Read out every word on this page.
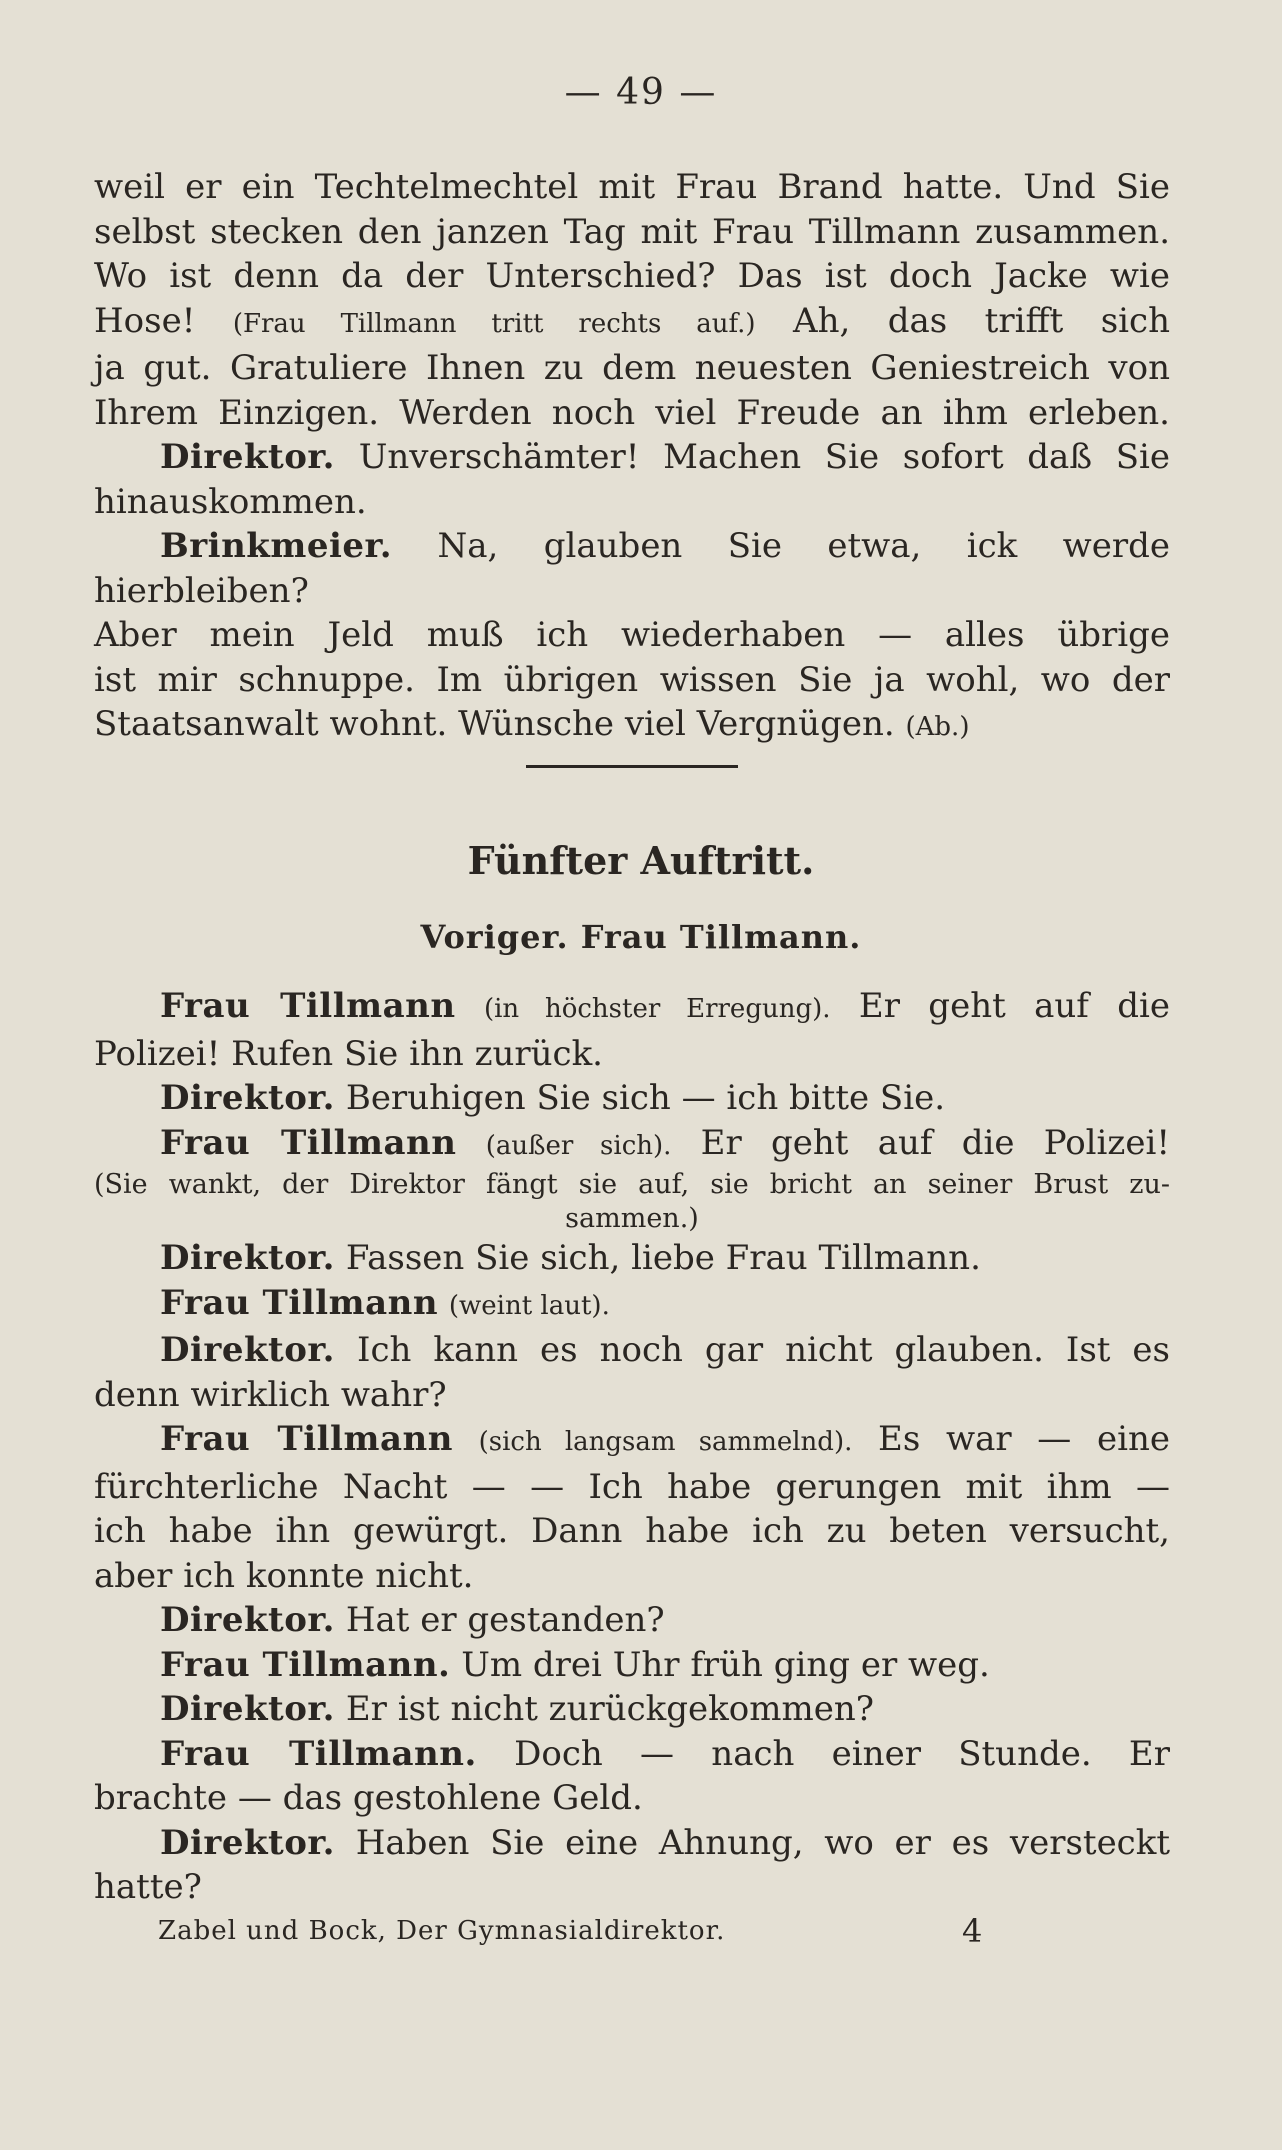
— 49 —
weil er ein Techtelmechtel mit Frau Brand hatte. Und Sie
selbst stecken den janzen Tag mit Frau Tillmann zusammen.
Wo ist denn da der Unterschied? Das ist doch Jacke wie
Hose! (Frau Tillmann tritt rechts auf.) Ah, das trifft sich
ja gut. Gratuliere Ihnen zu dem neuesten Geniestreich von
Ihrem Einzigen. Werden noch viel Freude an ihm erleben.
Direktor. Unverschämter! Machen Sie sofort daß Sie
hinauskommen.
Brinkmeier. Na, glauben Sie etwa, ick werde hierbleiben?
Aber mein Jeld muß ich wiederhaben — alles übrige
ist mir schnuppe. Im übrigen wissen Sie ja wohl, wo der
Staatsanwalt wohnt. Wünsche viel Vergnügen. (Ab.)
Fünfter Auftritt.
Voriger. Frau Tillmann.
Frau Tillmann (in höchster Erregung). Er geht auf die
Polizei! Rufen Sie ihn zurück.
Direktor. Beruhigen Sie sich — ich bitte Sie.
Frau Tillmann (außer sich). Er geht auf die Polizei!
(Sie wankt, der Direktor fängt sie auf, sie bricht an seiner Brust zu-
sammen.)
Direktor. Fassen Sie sich, liebe Frau Tillmann.
Frau Tillmann (weint laut).
Direktor. Ich kann es noch gar nicht glauben. Ist es
denn wirklich wahr?
Frau Tillmann (sich langsam sammelnd). Es war — eine
fürchterliche Nacht — — Ich habe gerungen mit ihm —
ich habe ihn gewürgt. Dann habe ich zu beten versucht,
aber ich konnte nicht.
Direktor. Hat er gestanden?
Frau Tillmann. Um drei Uhr früh ging er weg.
Direktor. Er ist nicht zurückgekommen?
Frau Tillmann. Doch — nach einer Stunde. Er
brachte — das gestohlene Geld.
Direktor. Haben Sie eine Ahnung, wo er es versteckt
hatte?
Zabel und Bock, Der Gymnasialdirektor.	4
